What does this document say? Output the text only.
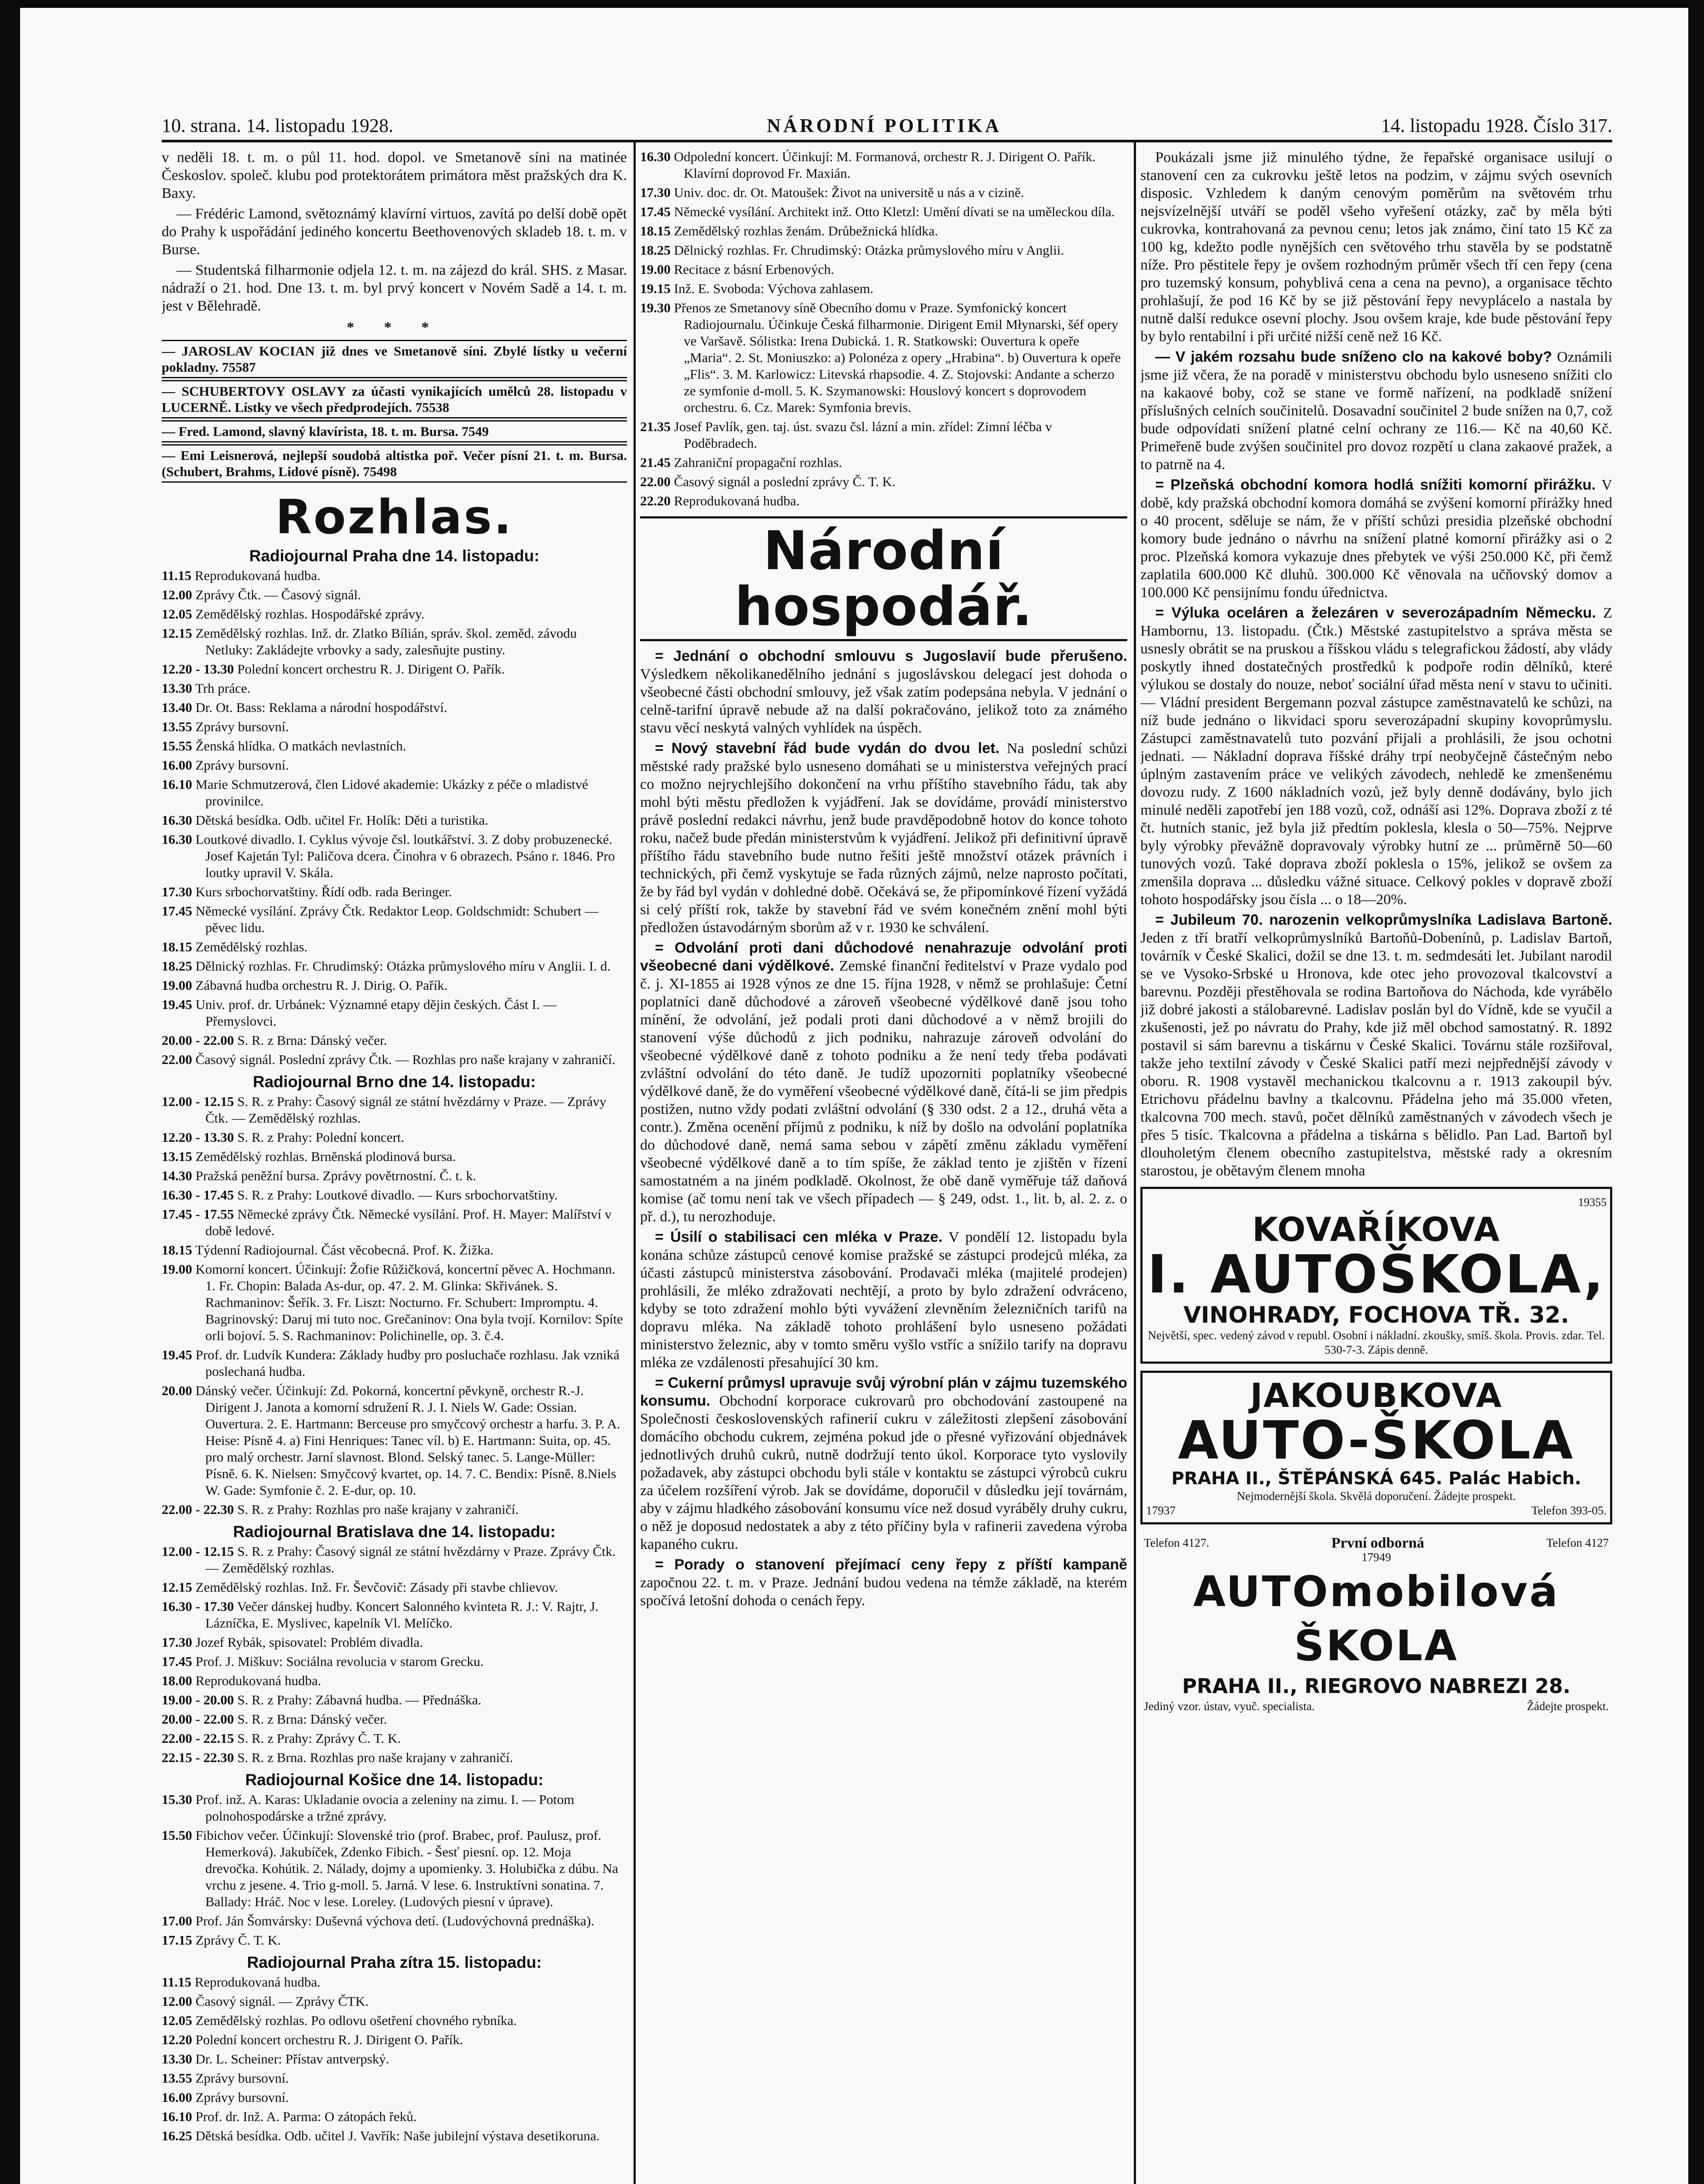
10. strana. 14. listopadu 1928.	NÁRODNÍ POLITIKA	14. listopadu 1928. Číslo 317.

v neděli 18. t. m. o půl 11. hod. dopol. ve Smetanově síni na matinée Českoslov. společ. klubu pod protektorátem primátora měst pražských dra K. Baxy.

— Frédéric Lamond, světoznámý klavírní virtuos, zavítá po delší době opět do Prahy k uspořádání jediného koncertu Beethovenových skladeb 18. t. m. v Burse.

— Studentská filharmonie odjela 12. t. m. na zájezd do král. SHS. z Masar. nádraží o 21. hod. Dne 13. t. m. byl prvý koncert v Novém Sadě a 14. t. m. jest v Bělehradě.

* * *
— JAROSLAV KOCIAN již dnes ve Smetanově síni. Zbylé lístky u večerní pokladny. 75587
— SCHUBERTOVY OSLAVY za účasti vynikajících umělců 28. listopadu v LUCERNĚ. Lístky ve všech předprodejích. 75538
— Fred. Lamond, slavný klavírista, 18. t. m. Bursa. 7549
— Emi Leisnerová, nejlepší soudobá altistka poř. Večer písní 21. t. m. Bursa. (Schubert, Brahms, Lidové písně). 75498
Rozhlas.
Radiojournal Praha dne 14. listopadu:

11.15 Reprodukovaná hudba.

12.00 Zprávy Čtk. — Časový signál.

12.05 Zemědělský rozhlas. Hospodářské zprávy.

12.15 Zemědělský rozhlas. Inž. dr. Zlatko Bílián, správ. škol. zeměd. závodu Netluky: Zakládejte vrbovky a sady, zalesňujte pustiny.

12.20 - 13.30 Polední koncert orchestru R. J. Dirigent O. Pařík.

13.30 Trh práce.

13.40 Dr. Ot. Bass: Reklama a národní hospodářství.

13.55 Zprávy bursovní.

15.55 Ženská hlídka. O matkách nevlastních.

16.00 Zprávy bursovní.

16.10 Marie Schmutzerová, člen Lidové akademie: Ukázky z péče o mladistvé provinilce.

16.30 Dětská besídka. Odb. učitel Fr. Holík: Děti a turistika.

16.30 Loutkové divadlo. I. Cyklus vývoje čsl. loutkářství. 3. Z doby probuzenecké. Josef Kajetán Tyl: Paličova dcera. Činohra v 6 obrazech. Psáno r. 1846. Pro loutky upravil V. Skála.

17.30 Kurs srbochorvatštiny. Řídí odb. rada Beringer.

17.45 Německé vysílání. Zprávy Čtk. Redaktor Leop. Goldschmidt: Schubert — pěvec lidu.

18.15 Zemědělský rozhlas.

18.25 Dělnický rozhlas. Fr. Chrudimský: Otázka průmyslového míru v Anglii. I. d.

19.00 Zábavná hudba orchestru R. J. Dirig. O. Pařík.

19.45 Univ. prof. dr. Urbánek: Významné etapy dějin českých. Část I. — Přemyslovci.

20.00 - 22.00 S. R. z Brna: Dánský večer.

22.00 Časový signál. Poslední zprávy Čtk. — Rozhlas pro naše krajany v zahraničí.

Radiojournal Brno dne 14. listopadu:

12.00 - 12.15 S. R. z Prahy: Časový signál ze státní hvězdárny v Praze. — Zprávy Čtk. — Zemědělský rozhlas.

12.20 - 13.30 S. R. z Prahy: Polední koncert.

13.15 Zemědělský rozhlas. Brněnská plodinová bursa.

14.30 Pražská peněžní bursa. Zprávy povětrnostní. Č. t. k.

16.30 - 17.45 S. R. z Prahy: Loutkové divadlo. — Kurs srbochorvatštiny.

17.45 - 17.55 Německé zprávy Čtk. Německé vysílání. Prof. H. Mayer: Malířství v době ledové.

18.15 Týdenní Radiojournal. Část věcobecná. Prof. K. Žižka.

19.00 Komorní koncert. Účinkují: Žofie Růžičková, koncertní pěvec A. Hochmann. 1. Fr. Chopin: Balada As-dur, op. 47. 2. M. Glinka: Skřivánek. S. Rachmaninov: Šeřík. 3. Fr. Liszt: Nocturno. Fr. Schubert: Impromptu. 4. Bagrinovský: Daruj mi tuto noc. Grečaninov: Ona byla tvojí. Kornilov: Spíte orli bojoví. 5. S. Rachmaninov: Polichinelle, op. 3. č.4.

19.45 Prof. dr. Ludvík Kundera: Základy hudby pro posluchače rozhlasu. Jak vzniká poslechaná hudba.

20.00 Dánský večer. Účinkují: Zd. Pokorná, koncertní pěvkyně, orchestr R.-J. Dirigent J. Janota a komorní sdružení R. J. I. Niels W. Gade: Ossian. Ouvertura. 2. E. Hartmann: Berceuse pro smyčcový orchestr a harfu. 3. P. A. Heise: Písně 4. a) Fini Henriques: Tanec víl. b) E. Hartmann: Suita, op. 45. pro malý orchestr. Jarní slavnost. Blond. Selský tanec. 5. Lange-Müller: Písně. 6. K. Nielsen: Smyčcový kvartet, op. 14. 7. C. Bendix: Písně. 8.Niels W. Gade: Symfonie č. 2. E-dur, op. 10.

22.00 - 22.30 S. R. z Prahy: Rozhlas pro naše krajany v zahraničí.

Radiojournal Bratislava dne 14. listopadu:

12.00 - 12.15 S. R. z Prahy: Časový signál ze státní hvězdárny v Praze. Zprávy Čtk. — Zemědělský rozhlas.

12.15 Zemědělský rozhlas. Inž. Fr. Ševčovič: Zásady při stavbe chlievov.

16.30 - 17.30 Večer dánskej hudby. Koncert Salonného kvinteta R. J.: V. Rajtr, J. Lázníčka, E. Myslivec, kapelník Vl. Melíčko.

17.30 Jozef Rybák, spisovatel: Problém divadla.

17.45 Prof. J. Miškuv: Sociálna revolucia v starom Grecku.

18.00 Reprodukovaná hudba.

19.00 - 20.00 S. R. z Prahy: Zábavná hudba. — Přednáška.

20.00 - 22.00 S. R. z Brna: Dánský večer.

22.00 - 22.15 S. R. z Prahy: Zprávy Č. T. K.

22.15 - 22.30 S. R. z Brna. Rozhlas pro naše krajany v zahraničí.

Radiojournal Košice dne 14. listopadu:

15.30 Prof. inž. A. Karas: Ukladanie ovocia a zeleniny na zimu. I. — Potom polnohospodárske a tržné zprávy.

15.50 Fibichov večer. Účinkují: Slovenské trio (prof. Brabec, prof. Paulusz, prof. Hemerková). Jakubíček, Zdenko Fibich. - Šesť piesní. op. 12. Moja drevočka. Kohútik. 2. Nálady, dojmy a upomienky. 3. Holubička z dúbu. Na vrchu z jesene. 4. Trio g-moll. 5. Jarná. V lese. 6. Instruktívni sonatina. 7. Ballady: Hráč. Noc v lese. Loreley. (Ludových piesní v úprave).

17.00 Prof. Ján Šomvársky: Duševná výchova detí. (Ludovýchovná prednáška).

17.15 Zprávy Č. T. K.

Radiojournal Praha zítra 15. listopadu:

11.15 Reprodukovaná hudba.

12.00 Časový signál. — Zprávy ČTK.

12.05 Zemědělský rozhlas. Po odlovu ošetření chovného rybníka.

12.20 Polední koncert orchestru R. J. Dirigent O. Pařík.

13.30 Dr. L. Scheiner: Přístav antverpský.

13.55 Zprávy bursovní.

16.00 Zprávy bursovní.

16.10 Prof. dr. Inž. A. Parma: O zátopách řeků.

16.25 Dětská besídka. Odb. učitel J. Vavřík: Naše jubilejní výstava desetikoruna.

16.30 Odpolední koncert. Účinkují: M. Formanová, orchestr R. J. Dirigent O. Pařík. Klavírní doprovod Fr. Maxián.

17.30 Univ. doc. dr. Ot. Matoušek: Život na universitě u nás a v cizině.

17.45 Německé vysílání. Architekt inž. Otto Kletzl: Umění dívati se na uměleckou díla.

18.15 Zemědělský rozhlas ženám. Drůbežnická hlídka.

18.25 Dělnický rozhlas. Fr. Chrudimský: Otázka průmyslového míru v Anglii.

19.00 Recitace z básní Erbenových.

19.15 Inž. E. Svoboda: Výchova zahlasem.

19.30 Přenos ze Smetanovy síně Obecního domu v Praze. Symfonický koncert Radiojournalu. Účinkuje Česká filharmonie. Dirigent Emil Młynarski, šéf opery ve Varšavě. Sólistka: Irena Dubická. 1. R. Statkowski: Ouvertura k opeře „Maria“. 2. St. Moniuszko: a) Polonéza z opery „Hrabina“. b) Ouvertura k opeře „Flis“. 3. M. Karlowicz: Litevská rhapsodie. 4. Z. Stojovski: Andante a scherzo ze symfonie d-moll. 5. K. Szymanowski: Houslový koncert s doprovodem orchestru. 6. Cz. Marek: Symfonia brevis.

21.35 Josef Pavlík, gen. taj. úst. svazu čsl. lázní a min. zřídel: Zimní léčba v Poděbradech.

21.45 Zahraniční propagační rozhlas.

22.00 Časový signál a poslední zprávy Č. T. K.

22.20 Reprodukovaná hudba.

Národní hospodář.

= Jednání o obchodní smlouvu s Jugoslavií bude přerušeno. Výsledkem několikanedělního jednání s jugoslávskou delegací jest dohoda o všeobecné části obchodní smlouvy, jež však zatím podepsána nebyla. V jednání o celně-tarifní úpravě nebude až na další pokračováno, jelikož toto za známého stavu věcí neskytá valných vyhlídek na úspěch.

= Nový stavební řád bude vydán do dvou let. Na poslední schůzi městské rady pražské bylo usneseno domáhati se u ministerstva veřejných prací co možno nejrychlejšího dokončení na vrhu příštího stavebního řádu, tak aby mohl býti městu předložen k vyjádření. Jak se dovídáme, provádí ministerstvo právě poslední redakci návrhu, jenž bude pravděpodobně hotov do konce tohoto roku, načež bude předán ministerstvům k vyjádření. Jelikož při definitivní úpravě příštího řádu stavebního bude nutno řešiti ještě množství otázek právních i technických, při čemž vyskytuje se řada různých zájmů, nelze naprosto počítati, že by řád byl vydán v dohledné době. Očekává se, že připomínkové řízení vyžádá si celý příští rok, takže by stavební řád ve svém konečném znění mohl býti předložen ústavodárným sborům až v r. 1930 ke schválení.

= Odvolání proti dani důchodové nenahrazuje odvolání proti všeobecné dani výdělkové. Zemské finanční ředitelství v Praze vydalo pod č. j. XI-1855 ai 1928 výnos ze dne 15. října 1928, v němž se prohlašuje: Četní poplatníci daně důchodové a zároveň všeobecné výdělkové daně jsou toho mínění, že odvolání, jež podali proti dani důchodové a v němž brojili do stanovení výše důchodů z jich podniku, nahrazuje zároveň odvolání do všeobecné výdělkové daně z tohoto podniku a že není tedy třeba podávati zvláštní odvolání do této daně. Je tudíž upozorniti poplatníky všeobecné výdělkové daně, že do vyměření všeobecné výdělkové daně, čítá-li se jim předpis postižen, nutno vždy podati zvláštní odvolání (§ 330 odst. 2 a 12., druhá věta a contr.). Změna ocenění příjmů z podniku, k níž by došlo na odvolání poplatníka do důchodové daně, nemá sama sebou v zápětí změnu základu vyměření všeobecné výdělkové daně a to tím spíše, že základ tento je zjištěn v řízení samostatném a na jiném podkladě. Okolnost, že obě daně vyměřuje táž daňová komise (ač tomu není tak ve všech případech — § 249, odst. 1., lit. b, al. 2. z. o př. d.), tu nerozhoduje.

= Úsilí o stabilisaci cen mléka v Praze. V pondělí 12. listopadu byla konána schůze zástupců cenové komise pražské se zástupci prodejců mléka, za účasti zástupců ministerstva zásobování. Prodavači mléka (majitelé prodejen) prohlásili, že mléko zdražovati nechtějí, a proto by bylo zdražení odvráceno, kdyby se toto zdražení mohlo býti vyvážení zlevněním železničních tarifů na dopravu mléka. Na základě tohoto prohlášení bylo usneseno požádati ministerstvo železnic, aby v tomto směru vyšlo vstříc a snížilo tarify na dopravu mléka ze vzdálenosti přesahující 30 km.

= Cukerní průmysl upravuje svůj výrobní plán v zájmu tuzemského konsumu. Obchodní korporace cukrovarů pro obchodování zastoupené na Společnosti československých rafinerií cukru v záležitosti zlepšení zásobování domácího obchodu cukrem, zejména pokud jde o přesné vyřizování objednávek jednotlivých druhů cukrů, nutně dodržují tento úkol. Korporace tyto vyslovily požadavek, aby zástupci obchodu byli stále v kontaktu se zástupci výrobců cukru za účelem rozšíření výrob. Jak se dovídáme, doporučil v důsledku její továrnám, aby v zájmu hladkého zásobování konsumu více než dosud vyráběly druhy cukru, o něž je doposud nedostatek a aby z této příčiny byla v rafinerii zavedena výroba kapaného cukru.

= Porady o stanovení přejímací ceny řepy z příští kampaně započnou 22. t. m. v Praze. Jednání budou vedena na témže základě, na kterém spočívá letošní dohoda o cenách řepy.

Poukázali jsme již minulého týdne, že řepařské organisace usilují o stanovení cen za cukrovku ještě letos na podzim, v zájmu svých osevních disposic. Vzhledem k daným cenovým poměrům na světovém trhu nejsvízelnější utváří se poděl všeho vyřešení otázky, zač by měla býti cukrovka, kontrahovaná za pevnou cenu; letos jak známo, činí tato 15 Kč za 100 kg, kdežto podle nynějších cen světového trhu stavěla by se podstatně níže. Pro pěstitele řepy je ovšem rozhodným průměr všech tří cen řepy (cena pro tuzemský konsum, pohyblivá cena a cena na pevno), a organisace těchto prohlašují, že pod 16 Kč by se již pěstování řepy nevyplácelo a nastala by nutně další redukce osevní plochy. Jsou ovšem kraje, kde bude pěstování řepy by bylo rentabilní i při určité nižší ceně než 16 Kč.

— V jakém rozsahu bude sníženo clo na kakové boby? Oznámili jsme již včera, že na poradě v ministerstvu obchodu bylo usneseno snížiti clo na kakaové boby, což se stane ve formě nařízení, na podkladě snížení příslušných celních součinitelů. Dosavadní součinitel 2 bude snížen na 0,7, což bude odpovídati snížení platné celní ochrany ze 116.— Kč na 40,60 Kč. Primeřeně bude zvýšen součinitel pro dovoz rozpětí u clana zakaové pražek, a to patrně na 4.

= Plzeňská obchodní komora hodlá snížiti komorní přirážku. V době, kdy pražská obchodní komora domáhá se zvýšení komorní přirážky hned o 40 procent, sděluje se nám, že v příští schůzi presidia plzeňské obchodní komory bude jednáno o návrhu na snížení platné komorní přirážky asi o 2 proc. Plzeňská komora vykazuje dnes přebytek ve výši 250.000 Kč, při čemž zaplatila 600.000 Kč dluhů. 300.000 Kč věnovala na učňovský domov a 100.000 Kč pensijnímu fondu úřednictva.

= Výluka oceláren a železáren v severozápadním Německu. Z Hambornu, 13. listopadu. (Čtk.) Městské zastupitelstvo a správa města se usnesly obrátit se na pruskou a říšskou vládu s telegrafickou žádostí, aby vlády poskytly ihned dostatečných prostředků k podpoře rodin dělníků, které výlukou se dostaly do nouze, neboť sociální úřad města není v stavu to učiniti. — Vládní president Bergemann pozval zástupce zaměstnavatelů ke schůzi, na níž bude jednáno o likvidaci sporu severozápadní skupiny kovoprůmyslu. Zástupci zaměstnavatelů tuto pozvání přijali a prohlásili, že jsou ochotni jednati. — Nákladní doprava říšské dráhy trpí neobyčejně částečným nebo úplným zastavením práce ve velikých závodech, nehledě ke zmenšenému dovozu rudy. Z 1600 nákladních vozů, jež byly denně dodávány, bylo jich minulé neděli zapotřebí jen 188 vozů, což, odnáší asi 12%. Doprava zboží z té čt. hutních stanic, jež byla již předtím poklesla, klesla o 50—75%. Nejprve byly výrobky převážně dopravovaly výrobky hutní ze ... průměrně 50—60 tunových vozů. Také doprava zboží poklesla o 15%, jelikož se ovšem za zmenšila doprava ... důsledku vážné situace. Celkový pokles v dopravě zboží tohoto hospodářsky jsou čísla ... o 18—20%.

= Jubileum 70. narozenin velkoprůmyslníka Ladislava Bartoně. Jeden z tří bratří velkoprůmyslníků Bartoňů-Dobenínů, p. Ladislav Bartoň, továrník v České Skalici, dožil se dne 13. t. m. sedmdesáti let. Jubilant narodil se ve Vysoko-Srbské u Hronova, kde otec jeho provozoval tkalcovství a barevnu. Později přestěhovala se rodina Bartoňova do Náchoda, kde vyrábělo již dobré jakosti a stálobarevné. Ladislav poslán byl do Vídně, kde se vyučil a zkušenosti, jež po návratu do Prahy, kde již měl obchod samostatný. R. 1892 postavil si sám barevnu a tiskárnu v České Skalici. Továrnu stále rozšiřoval, takže jeho textilní závody v České Skalici patří mezi nejpřednější závody v oboru. R. 1908 vystavěl mechanickou tkalcovnu a r. 1913 zakoupil býv. Etrichovu přádelnu bavlny a tkalcovnu. Přádelna jeho má 35.000 vřeten, tkalcovna 700 mech. stavů, počet dělníků zaměstnaných v závodech všech je přes 5 tisíc. Tkalcovna a přádelna a tiskárna s bělidlo. Pan Lad. Bartoň byl dlouholetým členem obecního zastupitelstva, městské rady a okresním starostou, je obětavým členem mnoha

19355
KOVAŘÍKOVA
I. AUTOŠKOLA,
VINOHRADY, FOCHOVA TŘ. 32.
Největší, spec. vedený závod v republ. Osobní i nákladní. zkoušky, smíš. škola. Provis. zdar. Tel. 530-7-3. Zápis denně.
JAKOUBKOVA
AUTO-ŠKOLA
PRAHA II., ŠTĚPÁNSKÁ 645. Palác Habich.
Nejmodernější škola. Skvělá doporučení. Žádejte prospekt.
17937	Telefon 393-05.
Telefon 4127.	První odborná	Telefon 4127
17949
AUTOmobilová ŠKOLA
PRAHA II., RIEGROVO NABREZI 28.
Jediný vzor. ústav, vyuč. specialista.	Žádejte prospekt.
